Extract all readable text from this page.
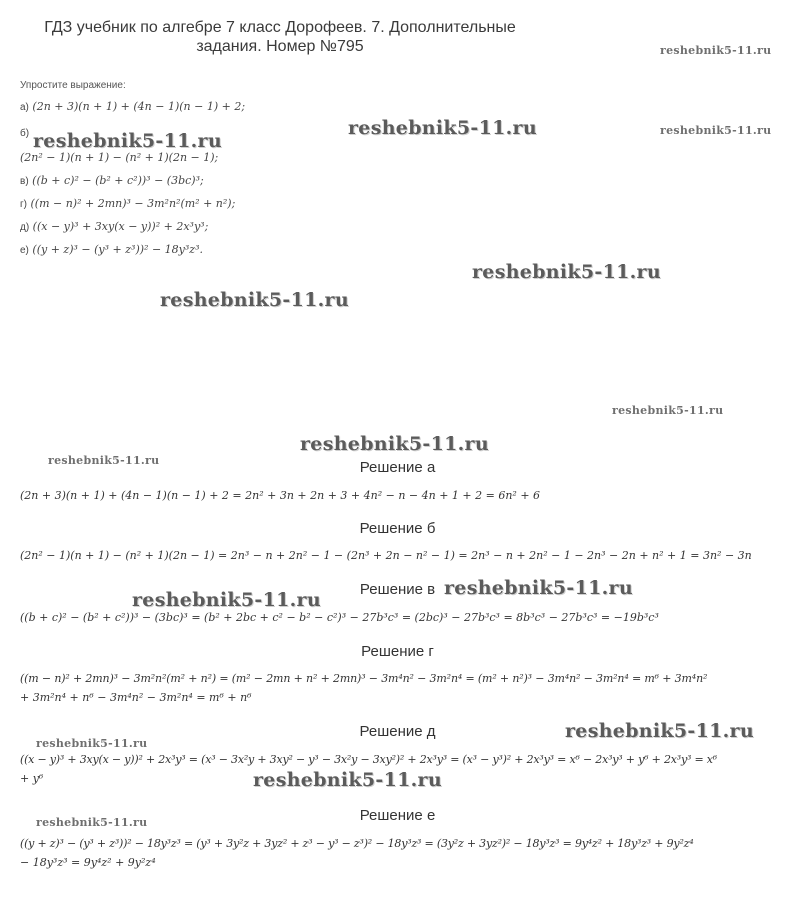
ГДЗ учебник по алгебре 7 класс Дорофеев. 7. Дополнительные задания. Номер №795
Упростите выражение:
а) (2n + 3)(n + 1) + (4n − 1)(n − 1) + 2;
б)
(2n² − 1)(n + 1) − (n² + 1)(2n − 1);
в) ((b + c)² − (b² + c²))³ − (3bc)³;
г) ((m − n)² + 2mn)³ − 3m²n²(m² + n²);
д) ((x − y)³ + 3xy(x − y))² + 2x³y³;
е) ((y + z)³ − (y³ + z³))² − 18y³z³.
Решение а
(2n + 3)(n + 1) + (4n − 1)(n − 1) + 2 = 2n² + 3n + 2n + 3 + 4n² − n − 4n + 1 + 2 = 6n² + 6
Решение б
(2n² − 1)(n + 1) − (n² + 1)(2n − 1) = 2n³ − n + 2n² − 1 − (2n³ + 2n − n² − 1) = 2n³ − n + 2n² − 1 − 2n³ − 2n + n² + 1 = 3n² − 3n
Решение в
((b + c)² − (b² + c²))³ − (3bc)³ = (b² + 2bc + c² − b² − c²)³ − 27b³c³ = (2bc)³ − 27b³c³ = 8b³c³ − 27b³c³ = −19b³c³
Решение г
((m − n)² + 2mn)³ − 3m²n²(m² + n²) = (m² − 2mn + n² + 2mn)³ − 3m⁴n² − 3m²n⁴ = (m² + n²)³ − 3m⁴n² − 3m²n⁴ = m⁶ + 3m⁴n²
+ 3m²n⁴ + n⁶ − 3m⁴n² − 3m²n⁴ = m⁶ + n⁶
Решение д
((x − y)³ + 3xy(x − y))² + 2x³y³ = (x³ − 3x²y + 3xy² − y³ − 3x²y − 3xy²)² + 2x³y³ = (x³ − y³)² + 2x³y³ = x⁶ − 2x³y³ + y⁶ + 2x³y³ = x⁶
+ y⁶
Решение е
((y + z)³ − (y³ + z³))² − 18y³z³ = (y³ + 3y²z + 3yz² + z³ − y³ − z³)² − 18y³z³ = (3y²z + 3yz²)² − 18y³z³ = 9y⁴z² + 18y³z³ + 9y²z⁴
− 18y³z³ = 9y⁴z² + 9y²z⁴
reshebnik5-11.ru
reshebnik5-11.ru
reshebnik5-11.ru	reshebnik5-11.ru
reshebnik5-11.ru
reshebnik5-11.ru
reshebnik5-11.ru
reshebnik5-11.ru
reshebnik5-11.ru
reshebnik5-11.ru
reshebnik5-11.ru
reshebnik5-11.ru
reshebnik5-11.ru
reshebnik5-11.ru
reshebnik5-11.ru
